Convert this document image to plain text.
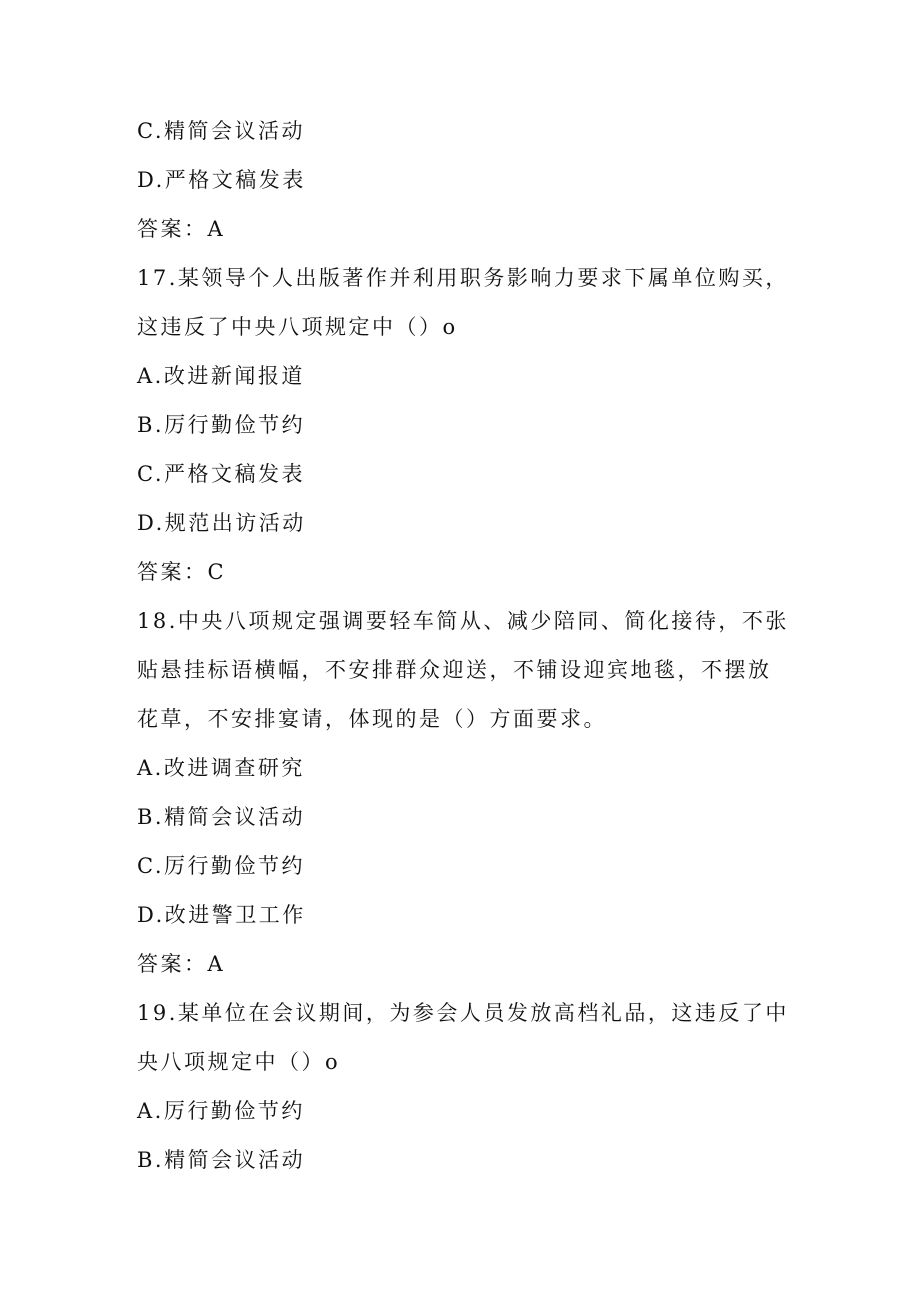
C.精简会议活动
D.严格文稿发表
答案：A
17.某领导个人出版著作并利用职务影响力要求下属单位购买，
这违反了中央八项规定中（）o
A.改进新闻报道
B.厉行勤俭节约
C.严格文稿发表
D.规范出访活动
答案：C
18.中央八项规定强调要轻车简从、减少陪同、简化接待，不张
贴悬挂标语横幅，不安排群众迎送，不铺设迎宾地毯，不摆放
花草，不安排宴请，体现的是（）方面要求。
A.改进调查研究
B.精简会议活动
C.厉行勤俭节约
D.改进警卫工作
答案：A
19.某单位在会议期间，为参会人员发放高档礼品，这违反了中
央八项规定中（）o
A.厉行勤俭节约
B.精简会议活动
